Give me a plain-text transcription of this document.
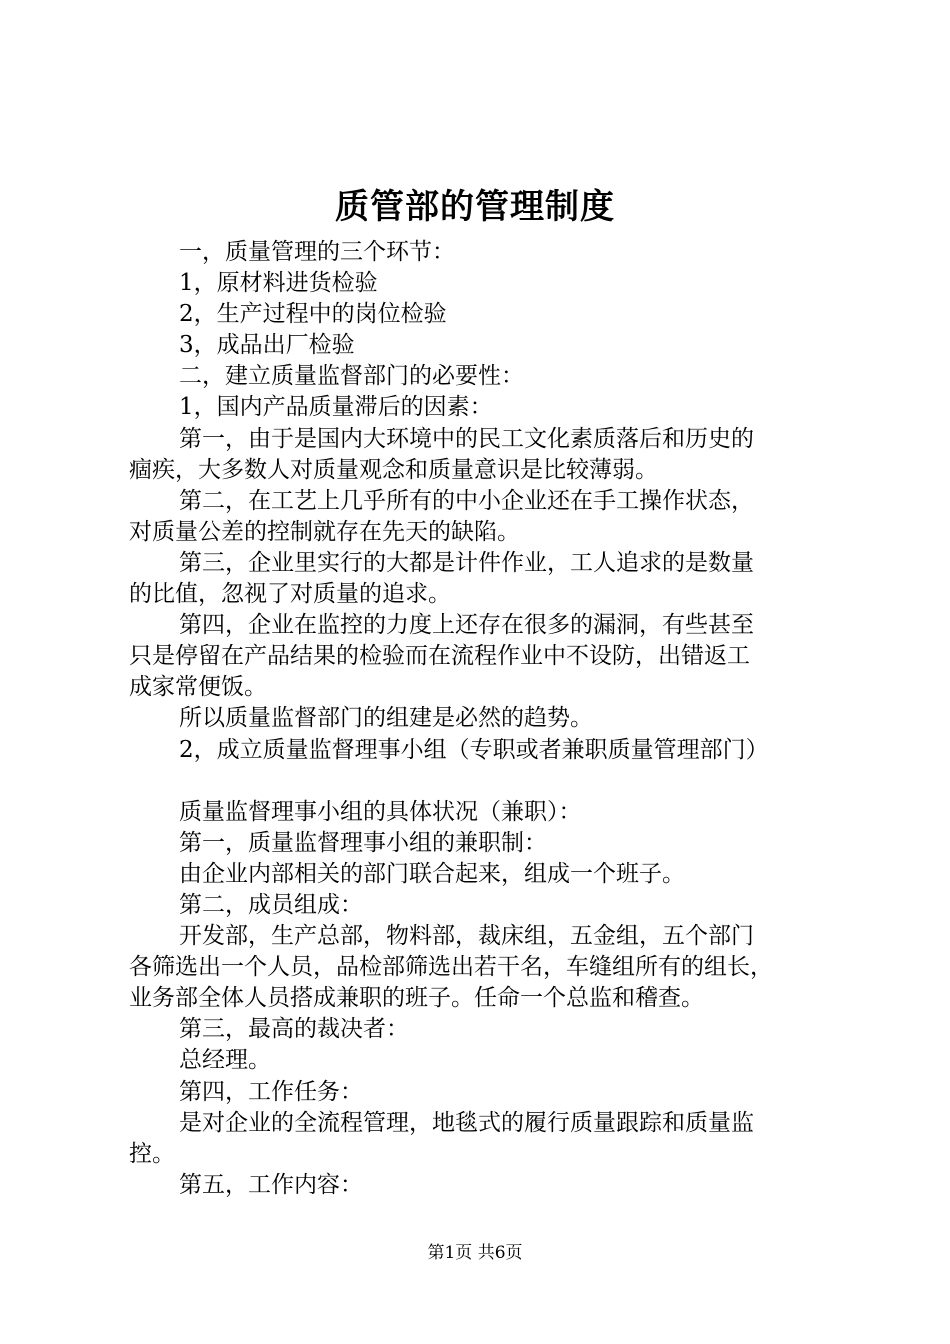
质管部的管理制度
一，质量管理的三个环节：
1，原材料进货检验
2，生产过程中的岗位检验
3，成品出厂检验
二，建立质量监督部门的必要性：
1，国内产品质量滞后的因素：
第一，由于是国内大环境中的民工文化素质落后和历史的
痼疾，大多数人对质量观念和质量意识是比较薄弱。
第二，在工艺上几乎所有的中小企业还在手工操作状态，
对质量公差的控制就存在先天的缺陷。
第三，企业里实行的大都是计件作业，工人追求的是数量
的比值，忽视了对质量的追求。
第四，企业在监控的力度上还存在很多的漏洞，有些甚至
只是停留在产品结果的检验而在流程作业中不设防，出错返工
成家常便饭。
所以质量监督部门的组建是必然的趋势。
2，成立质量监督理事小组（专职或者兼职质量管理部门）
质量监督理事小组的具体状况（兼职）：
第一，质量监督理事小组的兼职制：
由企业内部相关的部门联合起来，组成一个班子。
第二，成员组成：
开发部，生产总部，物料部，裁床组，五金组，五个部门
各筛选出一个人员，品检部筛选出若干名，车缝组所有的组长，
业务部全体人员搭成兼职的班子。任命一个总监和稽查。
第三，最高的裁决者：
总经理。
第四，工作任务：
是对企业的全流程管理，地毯式的履行质量跟踪和质量监
控。
第五，工作内容：
第1页 共6页
